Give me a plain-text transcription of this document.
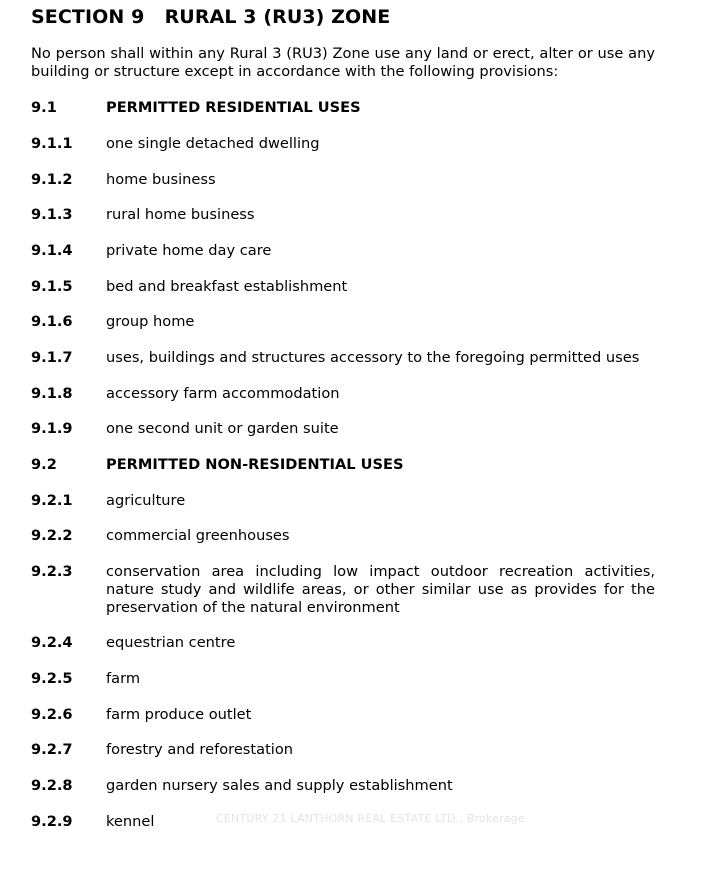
SECTION 9   RURAL 3 (RU3) ZONE
No person shall within any Rural 3 (RU3) Zone use any land or erect, alter or use any building or structure except in accordance with the following provisions:
9.1	PERMITTED RESIDENTIAL USES
9.1.1 one single detached dwelling
9.1.2 home business
9.1.3 rural home business
9.1.4 private home day care
9.1.5 bed and breakfast establishment
9.1.6 group home
9.1.7 uses, buildings and structures accessory to the foregoing permitted uses
9.1.8 accessory farm accommodation
9.1.9 one second unit or garden suite
9.2	PERMITTED NON-RESIDENTIAL USES
9.2.1 agriculture
9.2.2 commercial greenhouses
9.2.3 conservation area including low impact outdoor recreation activities, nature study and wildlife areas, or other similar use as provides for the preservation of the natural environment
9.2.4 equestrian centre
9.2.5 farm
9.2.6 farm produce outlet
9.2.7 forestry and reforestation
9.2.8 garden nursery sales and supply establishment
9.2.9 kennel	CENTURY 21 LANTHORN REAL ESTATE LTD., Brokerage
